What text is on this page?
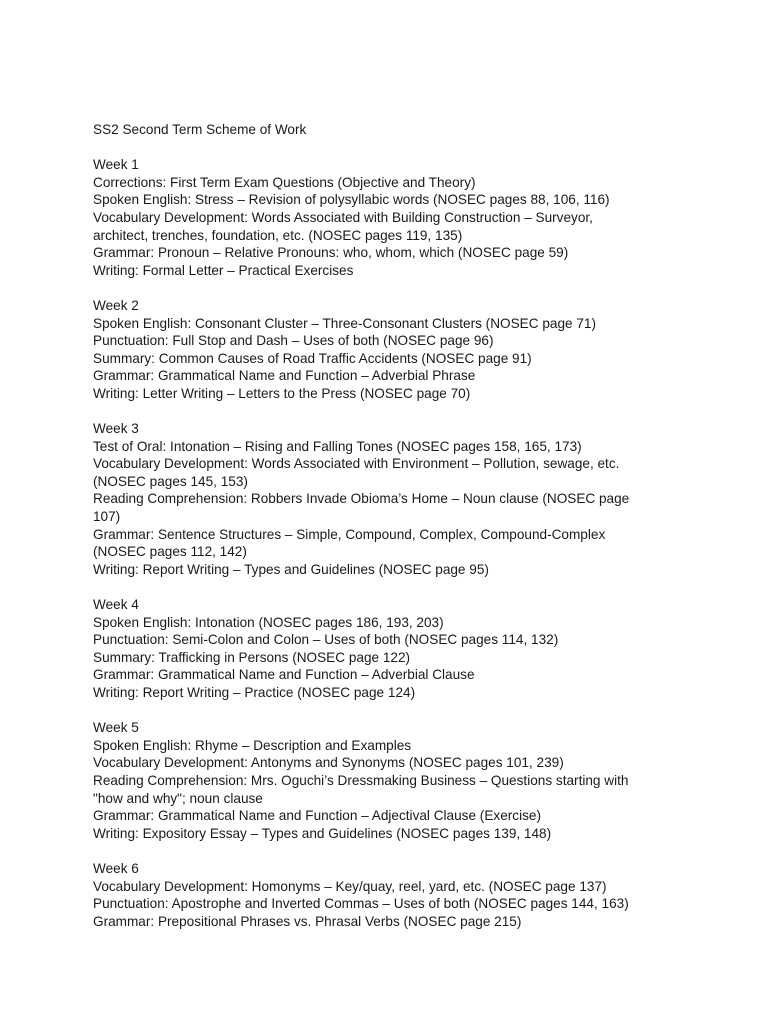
SS2 Second Term Scheme of Work
Week 1

Corrections: First Term Exam Questions (Objective and Theory)

Spoken English: Stress – Revision of polysyllabic words (NOSEC pages 88, 106, 116)

Vocabulary Development: Words Associated with Building Construction – Surveyor,

architect, trenches, foundation, etc. (NOSEC pages 119, 135)

Grammar: Pronoun – Relative Pronouns: who, whom, which (NOSEC page 59)

Writing: Formal Letter – Practical Exercises

Week 2

Spoken English: Consonant Cluster – Three-Consonant Clusters (NOSEC page 71)

Punctuation: Full Stop and Dash – Uses of both (NOSEC page 96)

Summary: Common Causes of Road Traffic Accidents (NOSEC page 91)

Grammar: Grammatical Name and Function – Adverbial Phrase

Writing: Letter Writing – Letters to the Press (NOSEC page 70)

Week 3

Test of Oral: Intonation – Rising and Falling Tones (NOSEC pages 158, 165, 173)

Vocabulary Development: Words Associated with Environment – Pollution, sewage, etc.

(NOSEC pages 145, 153)

Reading Comprehension: Robbers Invade Obioma’s Home – Noun clause (NOSEC page

107)

Grammar: Sentence Structures – Simple, Compound, Complex, Compound-Complex

(NOSEC pages 112, 142)

Writing: Report Writing – Types and Guidelines (NOSEC page 95)

Week 4

Spoken English: Intonation (NOSEC pages 186, 193, 203)

Punctuation: Semi-Colon and Colon – Uses of both (NOSEC pages 114, 132)

Summary: Trafficking in Persons (NOSEC page 122)

Grammar: Grammatical Name and Function – Adverbial Clause

Writing: Report Writing – Practice (NOSEC page 124)

Week 5

Spoken English: Rhyme – Description and Examples

Vocabulary Development: Antonyms and Synonyms (NOSEC pages 101, 239)

Reading Comprehension: Mrs. Oguchi’s Dressmaking Business – Questions starting with

"how and why"; noun clause

Grammar: Grammatical Name and Function – Adjectival Clause (Exercise)

Writing: Expository Essay – Types and Guidelines (NOSEC pages 139, 148)

Week 6

Vocabulary Development: Homonyms – Key/quay, reel, yard, etc. (NOSEC page 137)

Punctuation: Apostrophe and Inverted Commas – Uses of both (NOSEC pages 144, 163)

Grammar: Prepositional Phrases vs. Phrasal Verbs (NOSEC page 215)
